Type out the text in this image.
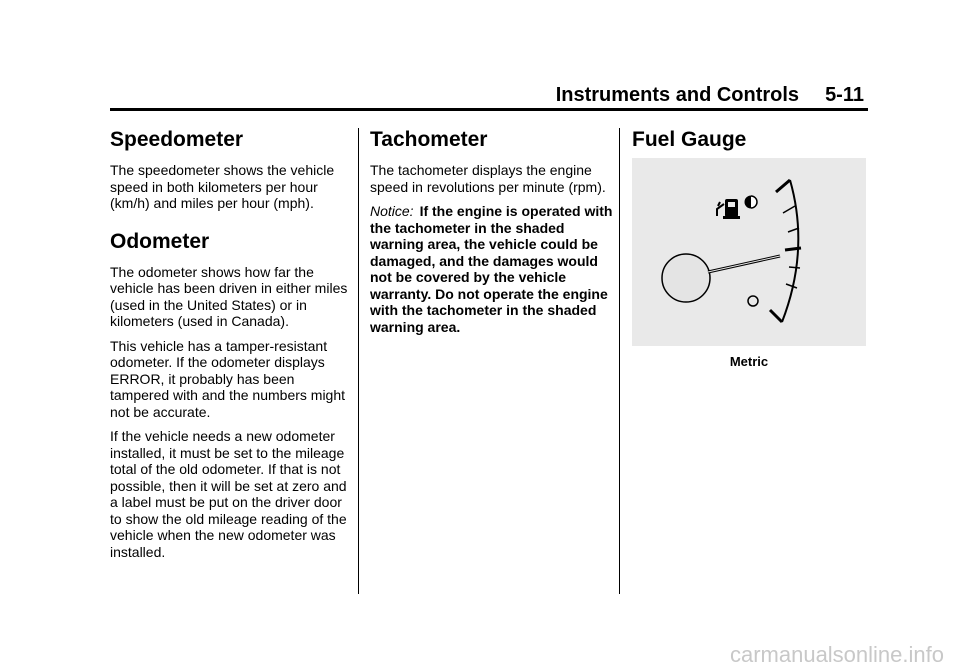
Instruments and Controls 5-11
Speedometer

The speedometer shows the vehicle speed in both kilometers per hour (km/h) and miles per hour (mph).

Odometer

The odometer shows how far the vehicle has been driven in either miles (used in the United States) or in kilometers (used in Canada).

This vehicle has a tamper-resistant odometer. If the odometer displays ERROR, it probably has been tampered with and the numbers might not be accurate.

If the vehicle needs a new odometer installed, it must be set to the mileage total of the old odometer. If that is not possible, then it will be set at zero and a label must be put on the driver door to show the old mileage reading of the vehicle when the new odometer was installed.

Tachometer

The tachometer displays the engine speed in revolutions per minute (rpm).

Notice: If the engine is operated with the tachometer in the shaded warning area, the vehicle could be damaged, and the damages would not be covered by the vehicle warranty. Do not operate the engine with the tachometer in the shaded warning area.

Fuel Gauge
Metric
carmanualsonline.info
